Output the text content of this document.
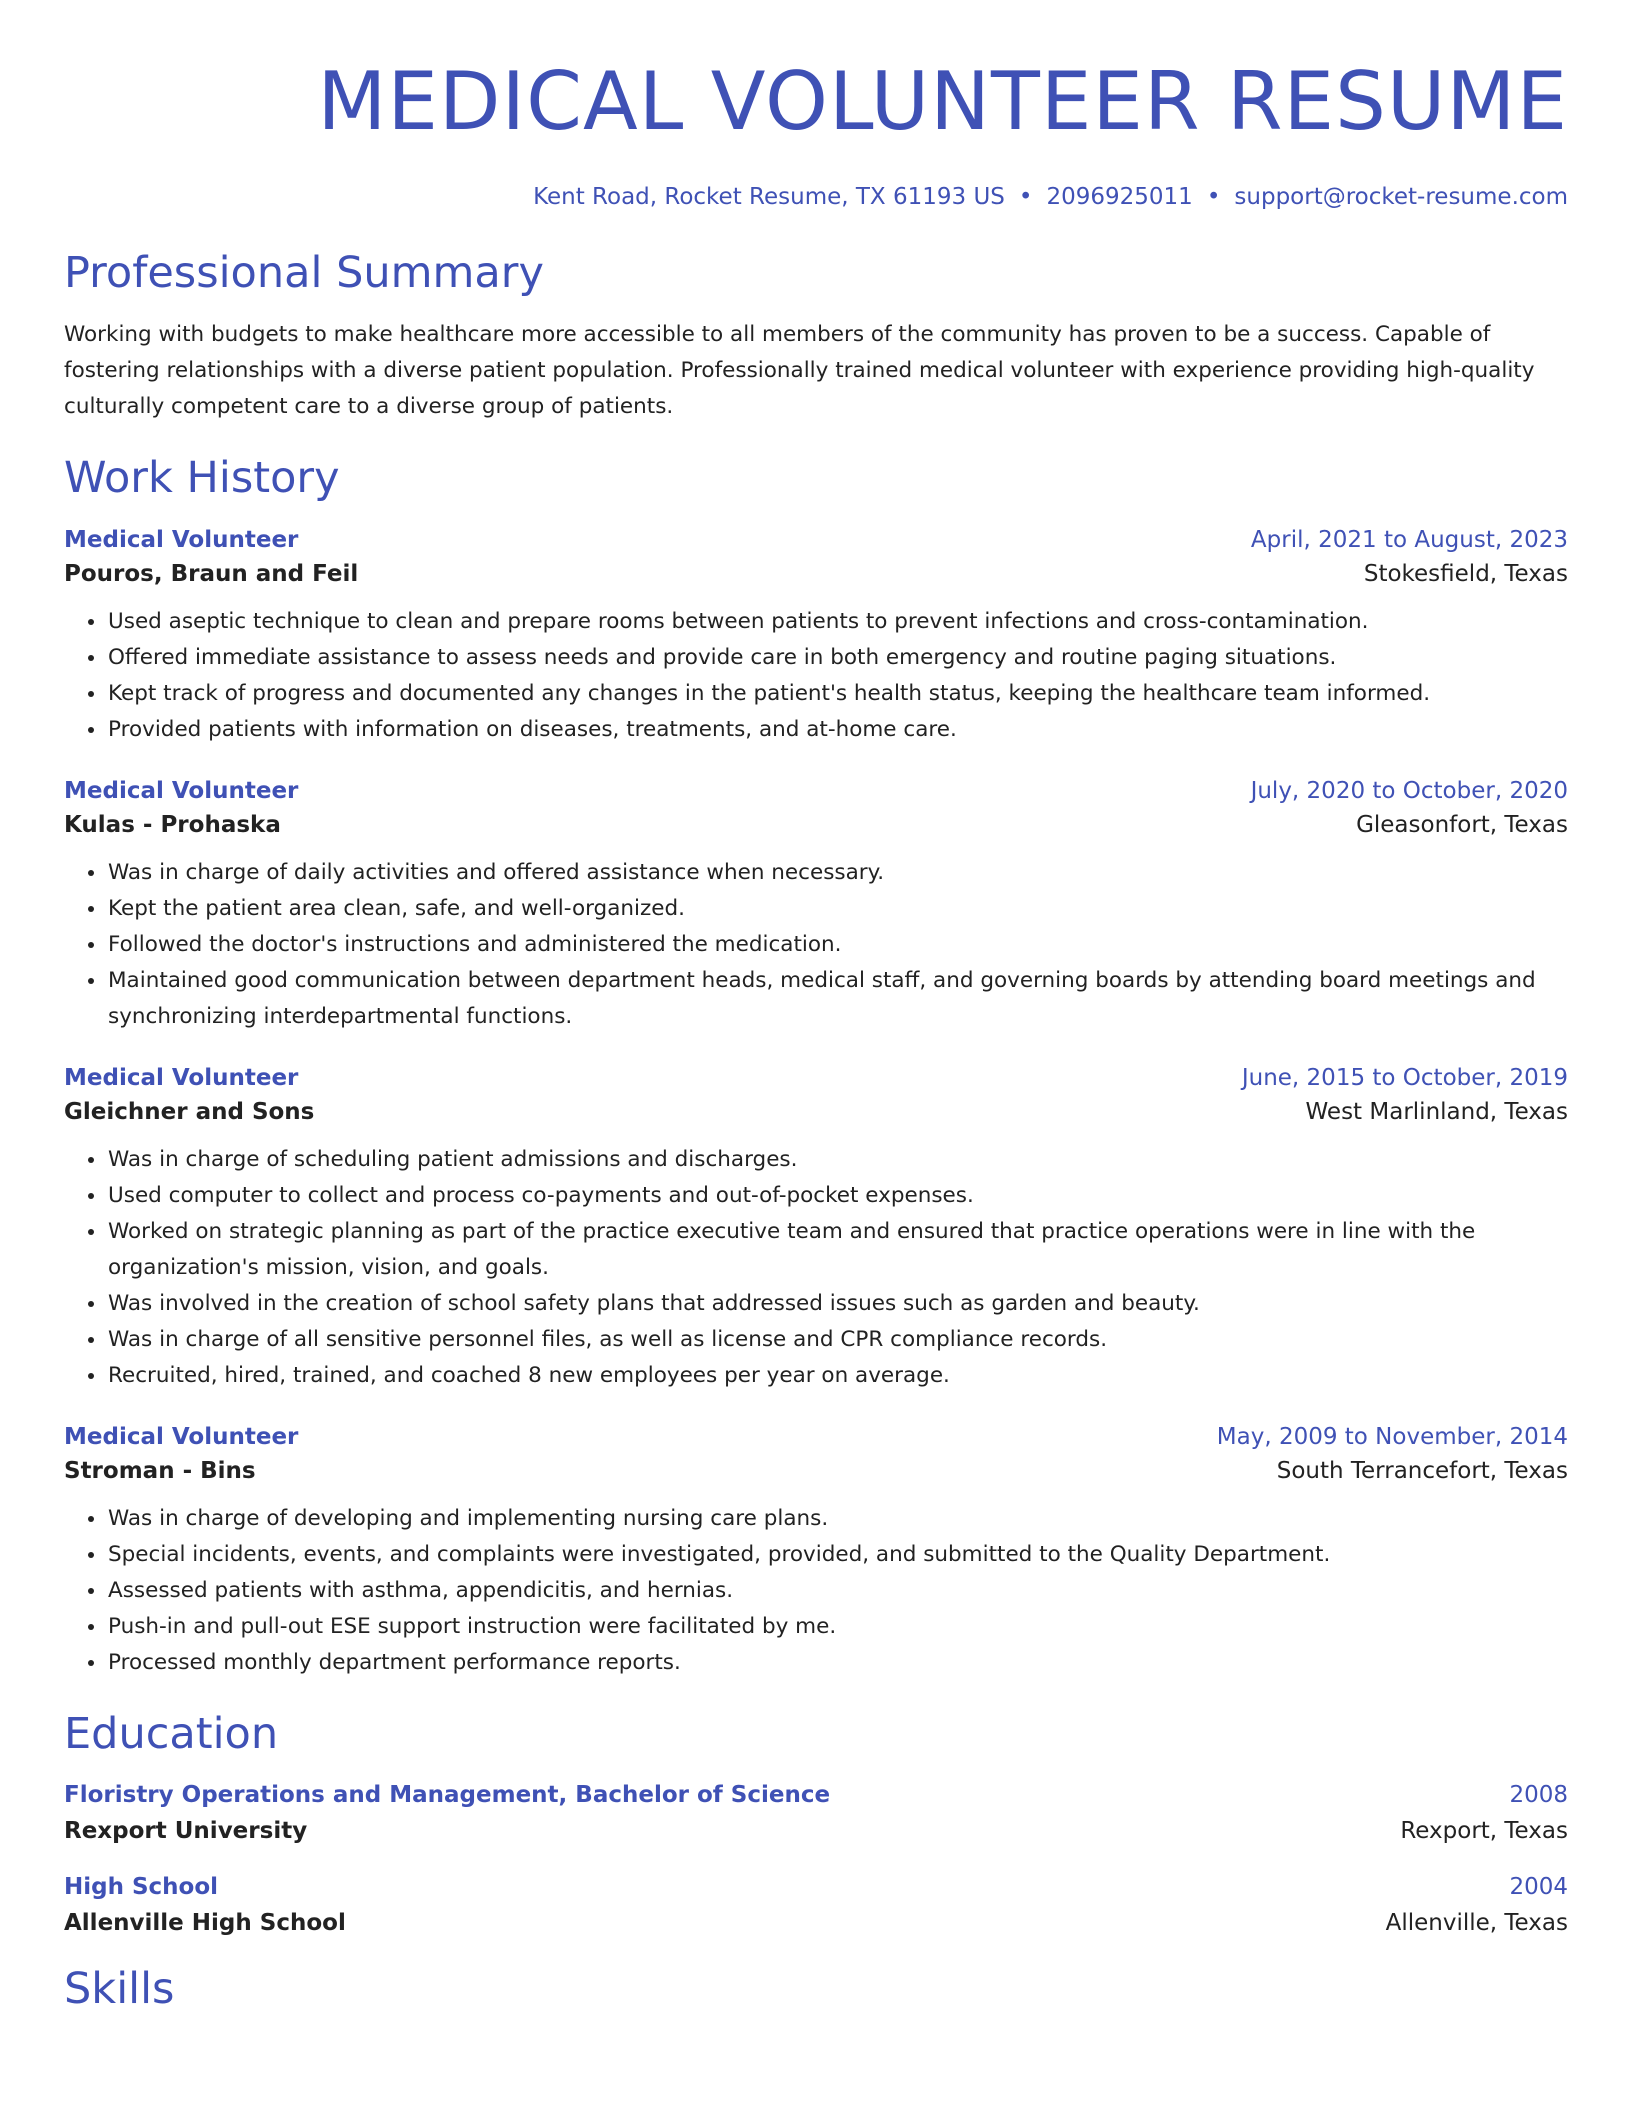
MEDICAL VOLUNTEER RESUME
Kent Road, Rocket Resume, TX 61193 US • 2096925011 • support@rocket-resume.com
Professional Summary
Working with budgets to make healthcare more accessible to all members of the community has proven to be a success. Capable of fostering relationships with a diverse patient population. Professionally trained medical volunteer with experience providing high-quality culturally competent care to a diverse group of patients.
Work History
Medical Volunteer	April, 2021 to August, 2023
Pouros, Braun and Feil	Stokesfield, Texas
• Used aseptic technique to clean and prepare rooms between patients to prevent infections and cross-contamination.
• Offered immediate assistance to assess needs and provide care in both emergency and routine paging situations.
• Kept track of progress and documented any changes in the patient's health status, keeping the healthcare team informed.
• Provided patients with information on diseases, treatments, and at-home care.
Medical Volunteer	July, 2020 to October, 2020
Kulas - Prohaska	Gleasonfort, Texas
• Was in charge of daily activities and offered assistance when necessary.
• Kept the patient area clean, safe, and well-organized.
• Followed the doctor's instructions and administered the medication.
• Maintained good communication between department heads, medical staff, and governing boards by attending board meetings and synchronizing interdepartmental functions.
Medical Volunteer	June, 2015 to October, 2019
Gleichner and Sons	West Marlinland, Texas
• Was in charge of scheduling patient admissions and discharges.
• Used computer to collect and process co-payments and out-of-pocket expenses.
• Worked on strategic planning as part of the practice executive team and ensured that practice operations were in line with the organization's mission, vision, and goals.
• Was involved in the creation of school safety plans that addressed issues such as garden and beauty.
• Was in charge of all sensitive personnel files, as well as license and CPR compliance records.
• Recruited, hired, trained, and coached 8 new employees per year on average.
Medical Volunteer	May, 2009 to November, 2014
Stroman - Bins	South Terrancefort, Texas
• Was in charge of developing and implementing nursing care plans.
• Special incidents, events, and complaints were investigated, provided, and submitted to the Quality Department.
• Assessed patients with asthma, appendicitis, and hernias.
• Push-in and pull-out ESE support instruction were facilitated by me.
• Processed monthly department performance reports.
Education
Floristry Operations and Management, Bachelor of Science	2008
Rexport University	Rexport, Texas
High School	2004
Allenville High School	Allenville, Texas
Skills
